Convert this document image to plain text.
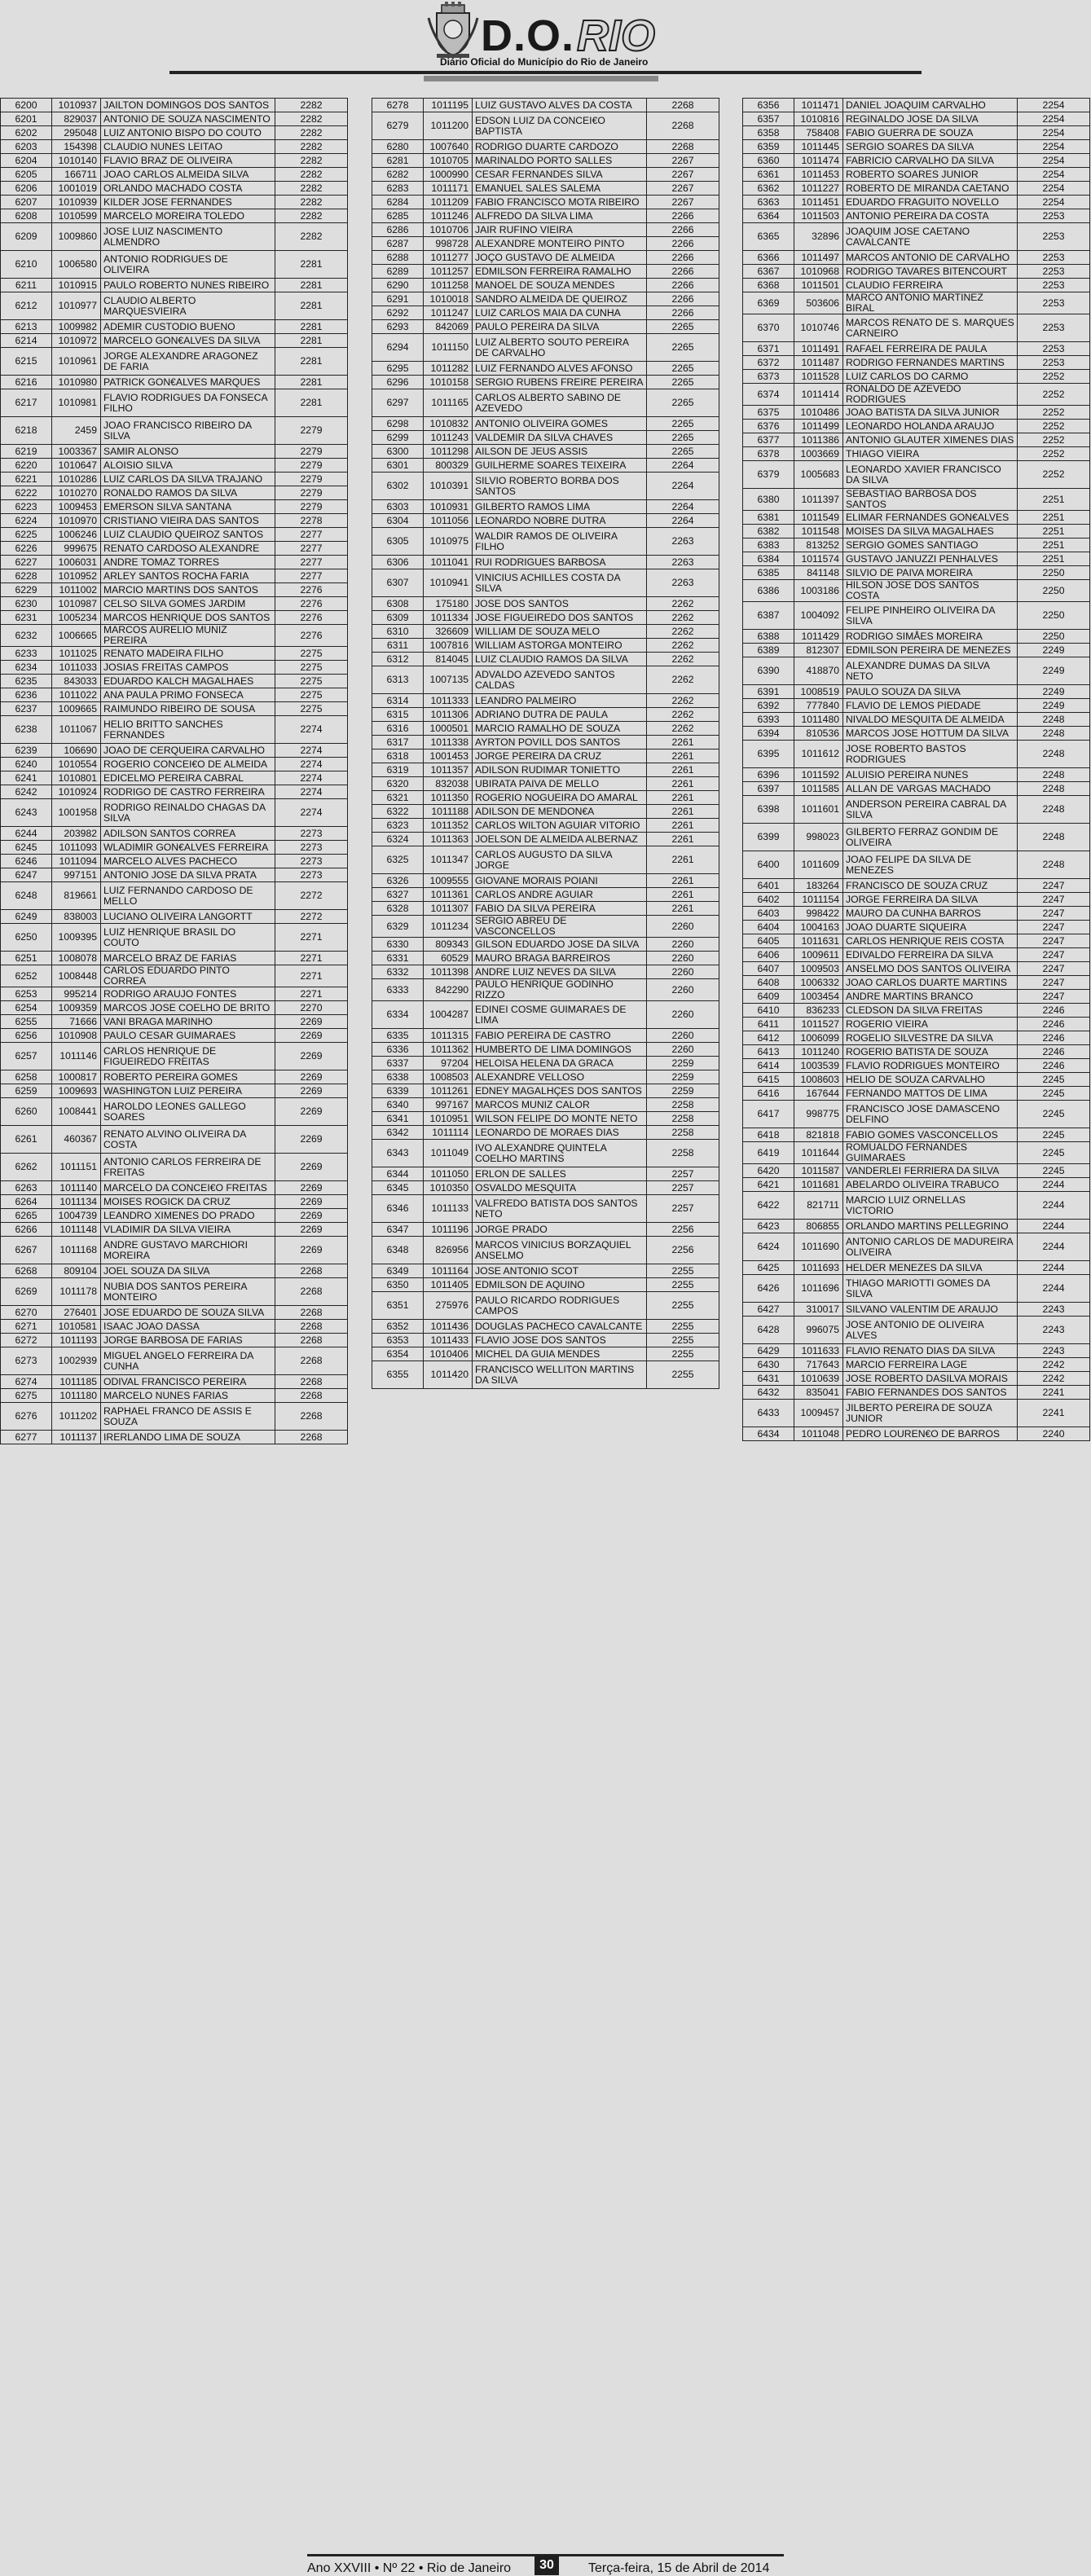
D.O. RIO
Diário Oficial do Município do Rio de Janeiro
6200	1010937	JAILTON DOMINGOS DOS SANTOS	2282
6201	829037	ANTONIO DE SOUZA NASCIMENTO	2282
6202	295048	LUIZ ANTONIO BISPO DO COUTO	2282
6203	154398	CLAUDIO NUNES LEITAO	2282
6204	1010140	FLAVIO BRAZ DE OLIVEIRA	2282
6205	166711	JOAO CARLOS ALMEIDA SILVA	2282
6206	1001019	ORLANDO MACHADO COSTA	2282
6207	1010939	KILDER JOSE FERNANDES	2282
6208	1010599	MARCELO MOREIRA TOLEDO	2282
6209	1009860	JOSE LUIZ NASCIMENTO ALMENDRO	2282
6210	1006580	ANTONIO RODRIGUES DE OLIVEIRA	2281
6211	1010915	PAULO ROBERTO NUNES RIBEIRO	2281
6212	1010977	CLAUDIO ALBERTO MARQUESVIEIRA	2281
6213	1009982	ADEMIR CUSTODIO BUENO	2281
6214	1010972	MARCELO GON€ALVES DA SILVA	2281
6215	1010961	JORGE ALEXANDRE ARAGONEZ DE FARIA	2281
6216	1010980	PATRICK GON€ALVES MARQUES	2281
6217	1010981	FLAVIO RODRIGUES DA FONSECA FILHO	2281
6218	2459	JOAO FRANCISCO RIBEIRO DA SILVA	2279
6219	1003367	SAMIR ALONSO	2279
6220	1010647	ALOISIO SILVA	2279
6221	1010286	LUIZ CARLOS DA SILVA TRAJANO	2279
6222	1010270	RONALDO RAMOS DA SILVA	2279
6223	1009453	EMERSON SILVA SANTANA	2279
6224	1010970	CRISTIANO VIEIRA DAS SANTOS	2278
6225	1006246	LUIZ CLAUDIO QUEIROZ SANTOS	2277
6226	999675	RENATO CARDOSO ALEXANDRE	2277
6227	1006031	ANDRE TOMAZ TORRES	2277
6228	1010952	ARLEY SANTOS ROCHA FARIA	2277
6229	1011002	MARCIO MARTINS DOS SANTOS	2276
6230	1010987	CELSO SILVA GOMES JARDIM	2276
6231	1005234	MARCOS HENRIQUE DOS SANTOS	2276
6232	1006665	MARCOS AURELIO MUNIZ PEREIRA	2276
6233	1011025	RENATO MADEIRA FILHO	2275
6234	1011033	JOSIAS FREITAS CAMPOS	2275
6235	843033	EDUARDO KALCH MAGALHAES	2275
6236	1011022	ANA PAULA PRIMO FONSECA	2275
6237	1009665	RAIMUNDO RIBEIRO DE SOUSA	2275
6238	1011067	HELIO BRITTO SANCHES FERNANDES	2274
6239	106690	JOAO DE CERQUEIRA CARVALHO	2274
6240	1010554	ROGERIO CONCEI€O DE ALMEIDA	2274
6241	1010801	EDICELMO PEREIRA CABRAL	2274
6242	1010924	RODRIGO DE CASTRO FERREIRA	2274
6243	1001958	RODRIGO REINALDO CHAGAS DA SILVA	2274
6244	203982	ADILSON SANTOS CORREA	2273
6245	1011093	WLADIMIR GON€ALVES FERREIRA	2273
6246	1011094	MARCELO ALVES PACHECO	2273
6247	997151	ANTONIO JOSE DA SILVA PRATA	2273
6248	819661	LUIZ FERNANDO CARDOSO DE MELLO	2272
6249	838003	LUCIANO OLIVEIRA LANGORTT	2272
6250	1009395	LUIZ HENRIQUE BRASIL DO COUTO	2271
6251	1008078	MARCELO BRAZ DE FARIAS	2271
6252	1008448	CARLOS EDUARDO PINTO CORREA	2271
6253	995214	RODRIGO ARAUJO FONTES	2271
6254	1009359	MARCOS JOSE COELHO DE BRITO	2270
6255	71666	VANI BRAGA MARINHO	2269
6256	1010908	PAULO CESAR GUIMARAES	2269
6257	1011146	CARLOS HENRIQUE DE FIGUEIREDO FREITAS	2269
6258	1000817	ROBERTO PEREIRA GOMES	2269
6259	1009693	WASHINGTON LUIZ PEREIRA	2269
6260	1008441	HAROLDO LEONES GALLEGO SOARES	2269
6261	460367	RENATO ALVINO OLIVEIRA DA COSTA	2269
6262	1011151	ANTONIO CARLOS FERREIRA DE FREITAS	2269
6263	1011140	MARCELO DA CONCEI€O FREITAS	2269
6264	1011134	MOISES ROGICK DA CRUZ	2269
6265	1004739	LEANDRO XIMENES DO PRADO	2269
6266	1011148	VLADIMIR DA SILVA VIEIRA	2269
6267	1011168	ANDRE GUSTAVO MARCHIORI MOREIRA	2269
6268	809104	JOEL SOUZA DA SILVA	2268
6269	1011178	NUBIA DOS SANTOS PEREIRA MONTEIRO	2268
6270	276401	JOSE EDUARDO DE SOUZA SILVA	2268
6271	1010581	ISAAC JOAO DASSA	2268
6272	1011193	JORGE BARBOSA DE FARIAS	2268
6273	1002939	MIGUEL ANGELO FERREIRA DA CUNHA	2268
6274	1011185	ODIVAL FRANCISCO PEREIRA	2268
6275	1011180	MARCELO NUNES FARIAS	2268
6276	1011202	RAPHAEL FRANCO DE ASSIS E SOUZA	2268
6277	1011137	IRERLANDO LIMA DE SOUZA	2268
6278	1011195	LUIZ GUSTAVO ALVES DA COSTA	2268
6279	1011200	EDSON LUIZ DA CONCEI€O BAPTISTA	2268
6280	1007640	RODRIGO DUARTE CARDOZO	2268
6281	1010705	MARINALDO PORTO SALLES	2267
6282	1000990	CESAR FERNANDES SILVA	2267
6283	1011171	EMANUEL SALES SALEMA	2267
6284	1011209	FABIO FRANCISCO MOTA RIBEIRO	2267
6285	1011246	ALFREDO DA SILVA LIMA	2266
6286	1010706	JAIR RUFINO VIEIRA	2266
6287	998728	ALEXANDRE MONTEIRO PINTO	2266
6288	1011277	JOÇO GUSTAVO DE ALMEIDA	2266
6289	1011257	EDMILSON FERREIRA RAMALHO	2266
6290	1011258	MANOEL DE SOUZA MENDES	2266
6291	1010018	SANDRO ALMEIDA DE QUEIROZ	2266
6292	1011247	LUIZ CARLOS MAIA DA CUNHA	2266
6293	842069	PAULO PEREIRA DA SILVA	2265
6294	1011150	LUIZ ALBERTO SOUTO PEREIRA DE CARVALHO	2265
6295	1011282	LUIZ FERNANDO ALVES AFONSO	2265
6296	1010158	SERGIO RUBENS FREIRE PEREIRA	2265
6297	1011165	CARLOS ALBERTO SABINO DE AZEVEDO	2265
6298	1010832	ANTONIO OLIVEIRA GOMES	2265
6299	1011243	VALDEMIR DA SILVA CHAVES	2265
6300	1011298	AILSON DE JEUS ASSIS	2265
6301	800329	GUILHERME SOARES TEIXEIRA	2264
6302	1010391	SILVIO ROBERTO BORBA DOS SANTOS	2264
6303	1010931	GILBERTO RAMOS LIMA	2264
6304	1011056	LEONARDO NOBRE DUTRA	2264
6305	1010975	WALDIR RAMOS DE OLIVEIRA FILHO	2263
6306	1011041	RUI RODRIGUES BARBOSA	2263
6307	1010941	VINICIUS ACHILLES COSTA DA SILVA	2263
6308	175180	JOSE DOS SANTOS	2262
6309	1011334	JOSE FIGUEIREDO DOS SANTOS	2262
6310	326609	WILLIAM DE SOUZA MELO	2262
6311	1007816	WILLIAM ASTORGA MONTEIRO	2262
6312	814045	LUIZ CLAUDIO RAMOS DA SILVA	2262
6313	1007135	ADVALDO AZEVEDO SANTOS CALDAS	2262
6314	1011333	LEANDRO PALMEIRO	2262
6315	1011306	ADRIANO DUTRA DE PAULA	2262
6316	1000501	MARCIO RAMALHO DE SOUZA	2262
6317	1011338	AYRTON POVILL DOS SANTOS	2261
6318	1001453	JORGE PEREIRA DA CRUZ	2261
6319	1011357	ADILSON RUDIMAR TONIETTO	2261
6320	832038	UBIRATA PAIVA DE MELLO	2261
6321	1011350	ROGERIO NOGUEIRA DO AMARAL	2261
6322	1011188	ADILSON DE MENDON€A	2261
6323	1011352	CARLOS WILTON AGUIAR VITORIO	2261
6324	1011363	JOELSON DE ALMEIDA ALBERNAZ	2261
6325	1011347	CARLOS AUGUSTO DA SILVA JORGE	2261
6326	1009555	GIOVANE MORAIS POIANI	2261
6327	1011361	CARLOS ANDRE AGUIAR	2261
6328	1011307	FABIO DA SILVA PEREIRA	2261
6329	1011234	SERGIO ABREU DE VASCONCELLOS	2260
6330	809343	GILSON EDUARDO JOSE DA SILVA	2260
6331	60529	MAURO BRAGA BARREIROS	2260
6332	1011398	ANDRE LUIZ NEVES DA SILVA	2260
6333	842290	PAULO HENRIQUE GODINHO RIZZO	2260
6334	1004287	EDINEI COSME GUIMARAES DE LIMA	2260
6335	1011315	FABIO PEREIRA DE CASTRO	2260
6336	1011362	HUMBERTO DE LIMA DOMINGOS	2260
6337	97204	HELOISA HELENA DA GRACA	2259
6338	1008503	ALEXANDRE VELLOSO	2259
6339	1011261	EDNEY MAGALHÇES DOS SANTOS	2259
6340	997167	MARCOS MUNIZ CALOR	2258
6341	1010951	WILSON FELIPE DO MONTE NETO	2258
6342	1011114	LEONARDO DE MORAES DIAS	2258
6343	1011049	IVO ALEXANDRE QUINTELA COELHO MARTINS	2258
6344	1011050	ERLON DE SALLES	2257
6345	1010350	OSVALDO MESQUITA	2257
6346	1011133	VALFREDO BATISTA DOS SANTOS NETO	2257
6347	1011196	JORGE PRADO	2256
6348	826956	MARCOS VINICIUS BORZAQUIEL ANSELMO	2256
6349	1011164	JOSE ANTONIO SCOT	2255
6350	1011405	EDMILSON DE AQUINO	2255
6351	275976	PAULO RICARDO RODRIGUES CAMPOS	2255
6352	1011436	DOUGLAS PACHECO CAVALCANTE	2255
6353	1011433	FLAVIO JOSE DOS SANTOS	2255
6354	1010406	MICHEL DA GUIA MENDES	2255
6355	1011420	FRANCISCO WELLITON MARTINS DA SILVA	2255
6356	1011471	DANIEL JOAQUIM CARVALHO	2254
6357	1010816	REGINALDO JOSE DA SILVA	2254
6358	758408	FABIO GUERRA DE SOUZA	2254
6359	1011445	SERGIO SOARES DA SILVA	2254
6360	1011474	FABRICIO CARVALHO DA SILVA	2254
6361	1011453	ROBERTO SOARES JUNIOR	2254
6362	1011227	ROBERTO DE MIRANDA CAETANO	2254
6363	1011451	EDUARDO FRAGUITO NOVELLO	2254
6364	1011503	ANTONIO PEREIRA DA COSTA	2253
6365	32896	JOAQUIM JOSE CAETANO CAVALCANTE	2253
6366	1011497	MARCOS ANTONIO DE CARVALHO	2253
6367	1010968	RODRIGO TAVARES BITENCOURT	2253
6368	1011501	CLAUDIO FERREIRA	2253
6369	503606	MARCO ANTONIO MARTINEZ BIRAL	2253
6370	1010746	MARCOS RENATO DE S. MARQUES CARNEIRO	2253
6371	1011491	RAFAEL FERREIRA DE PAULA	2253
6372	1011487	RODRIGO FERNANDES MARTINS	2253
6373	1011528	LUIZ CARLOS DO CARMO	2252
6374	1011414	RONALDO DE AZEVEDO RODRIGUES	2252
6375	1010486	JOAO BATISTA DA SILVA JUNIOR	2252
6376	1011499	LEONARDO HOLANDA ARAUJO	2252
6377	1011386	ANTONIO GLAUTER XIMENES DIAS	2252
6378	1003669	THIAGO VIEIRA	2252
6379	1005683	LEONARDO XAVIER FRANCISCO DA SILVA	2252
6380	1011397	SEBASTIAO BARBOSA DOS SANTOS	2251
6381	1011549	ELIMAR FERNANDES GON€ALVES	2251
6382	1011548	MOISES DA SILVA MAGALHAES	2251
6383	813252	SERGIO GOMES SANTIAGO	2251
6384	1011574	GUSTAVO JANUZZI PENHALVES	2251
6385	841148	SILVIO DE PAIVA MOREIRA	2250
6386	1003186	HILSON JOSE DOS SANTOS COSTA	2250
6387	1004092	FELIPE PINHEIRO OLIVEIRA DA SILVA	2250
6388	1011429	RODRIGO SIMÅES MOREIRA	2250
6389	812307	EDMILSON PEREIRA DE MENEZES	2249
6390	418870	ALEXANDRE DUMAS DA SILVA NETO	2249
6391	1008519	PAULO SOUZA DA SILVA	2249
6392	777840	FLAVIO DE LEMOS PIEDADE	2249
6393	1011480	NIVALDO MESQUITA DE ALMEIDA	2248
6394	810536	MARCOS JOSE HOTTUM DA SILVA	2248
6395	1011612	JOSE ROBERTO BASTOS RODRIGUES	2248
6396	1011592	ALUISIO PEREIRA NUNES	2248
6397	1011585	ALLAN DE VARGAS MACHADO	2248
6398	1011601	ANDERSON PEREIRA CABRAL DA SILVA	2248
6399	998023	GILBERTO FERRAZ GONDIM DE OLIVEIRA	2248
6400	1011609	JOAO FELIPE DA SILVA DE MENEZES	2248
6401	183264	FRANCISCO DE SOUZA CRUZ	2247
6402	1011154	JORGE FERREIRA DA SILVA	2247
6403	998422	MAURO DA CUNHA BARROS	2247
6404	1004163	JOAO DUARTE SIQUEIRA	2247
6405	1011631	CARLOS HENRIQUE REIS COSTA	2247
6406	1009611	EDIVALDO FERREIRA DA SILVA	2247
6407	1009503	ANSELMO DOS SANTOS OLIVEIRA	2247
6408	1006332	JOAO CARLOS DUARTE MARTINS	2247
6409	1003454	ANDRE MARTINS BRANCO	2247
6410	836233	CLEDSON DA SILVA FREITAS	2246
6411	1011527	ROGERIO VIEIRA	2246
6412	1006099	ROGELIO SILVESTRE DA SILVA	2246
6413	1011240	ROGERIO BATISTA DE SOUZA	2246
6414	1003539	FLAVIO RODRIGUES MONTEIRO	2246
6415	1008603	HELIO DE SOUZA CARVALHO	2245
6416	167644	FERNANDO MATTOS DE LIMA	2245
6417	998775	FRANCISCO JOSE DAMASCENO DELFINO	2245
6418	821818	FABIO GOMES VASCONCELLOS	2245
6419	1011644	ROMUALDO FERNANDES GUIMARAES	2245
6420	1011587	VANDERLEI FERRIERA DA SILVA	2245
6421	1011681	ABELARDO OLIVEIRA TRABUCO	2244
6422	821711	MARCIO LUIZ ORNELLAS VICTORIO	2244
6423	806855	ORLANDO MARTINS PELLEGRINO	2244
6424	1011690	ANTONIO CARLOS DE MADUREIRA OLIVEIRA	2244
6425	1011693	HELDER MENEZES DA SILVA	2244
6426	1011696	THIAGO MARIOTTI GOMES DA SILVA	2244
6427	310017	SILVANO VALENTIM DE ARAUJO	2243
6428	996075	JOSE ANTONIO DE OLIVEIRA ALVES	2243
6429	1011633	FLAVIO RENATO DIAS DA SILVA	2243
6430	717643	MARCIO FERREIRA LAGE	2242
6431	1010639	JOSE ROBERTO DASILVA MORAIS	2242
6432	835041	FABIO FERNANDES DOS SANTOS	2241
6433	1009457	JILBERTO PEREIRA DE SOUZA JUNIOR	2241
6434	1011048	PEDRO LOUREN€O DE BARROS	2240
Ano XXVIII • Nº 22 • Rio de Janeiro	30	Terça-feira, 15 de Abril de 2014
